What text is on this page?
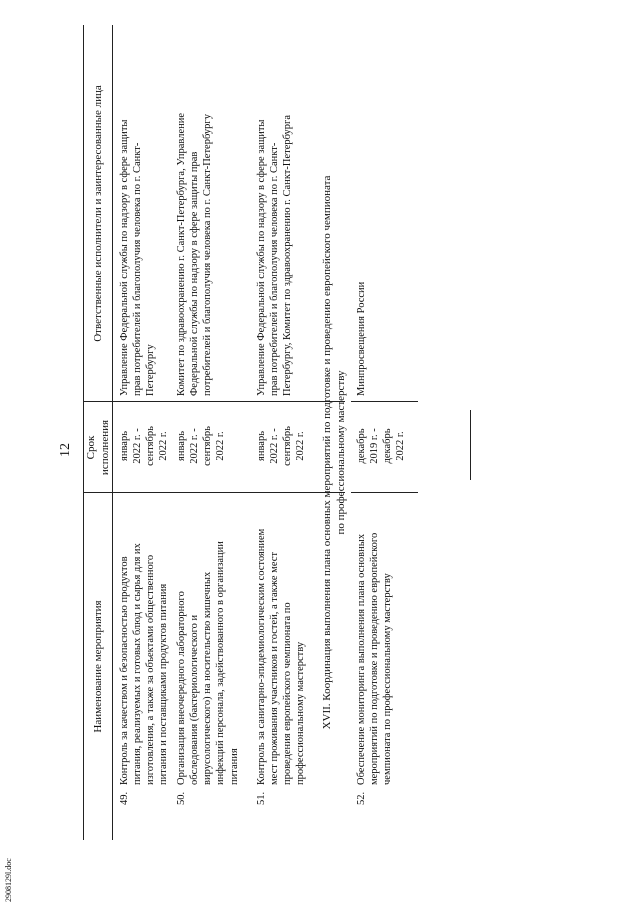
12
Наименование мероприятия
Срок
исполнения
Ответственные исполнители и заинтересованные лица
49.
Контроль за качеством и безопасностью продуктов
питания, реализуемых и готовых блюд и сырья для их
изготовления, а также за объектами общественного
питания и поставщиками продуктов питания
январь
2022 г. -
сентябрь
2022 г.
Управление Федеральной службы по надзору в сфере защиты
прав потребителей и благополучия человека по г. Санкт-
Петербургу
50.
Организация внеочередного лабораторного
обследования (бактериологического и
вирусологического) на носительство кишечных
инфекций персонала, задействованного в организации
питания
январь
2022 г. -
сентябрь
2022 г.
Комитет по здравоохранению г. Санкт-Петербурга, Управление
Федеральной службы по надзору в сфере защиты прав
потребителей и благополучия человека по г. Санкт-Петербургу
51.
Контроль за санитарно-эпидемиологическим состоянием
мест проживания участников и гостей, а также мест
проведения европейского чемпионата по
профессиональному мастерству
январь
2022 г. -
сентябрь
2022 г.
Управление Федеральной службы по надзору в сфере защиты
прав потребителей и благополучия человека по г. Санкт-
Петербургу, Комитет по здравоохранению г. Санкт-Петербурга
XVII. Координация выполнения плана основных мероприятий по подготовке и проведению европейского чемпионата
по профессиональному мастерству
52.
Обеспечение мониторинга выполнения плана основных
мероприятий по подготовке и проведению европейского
чемпионата по профессиональному мастерству
декабрь
2019 г. -
декабрь
2022 г.
Минпросвещения России
2908129l.doc
